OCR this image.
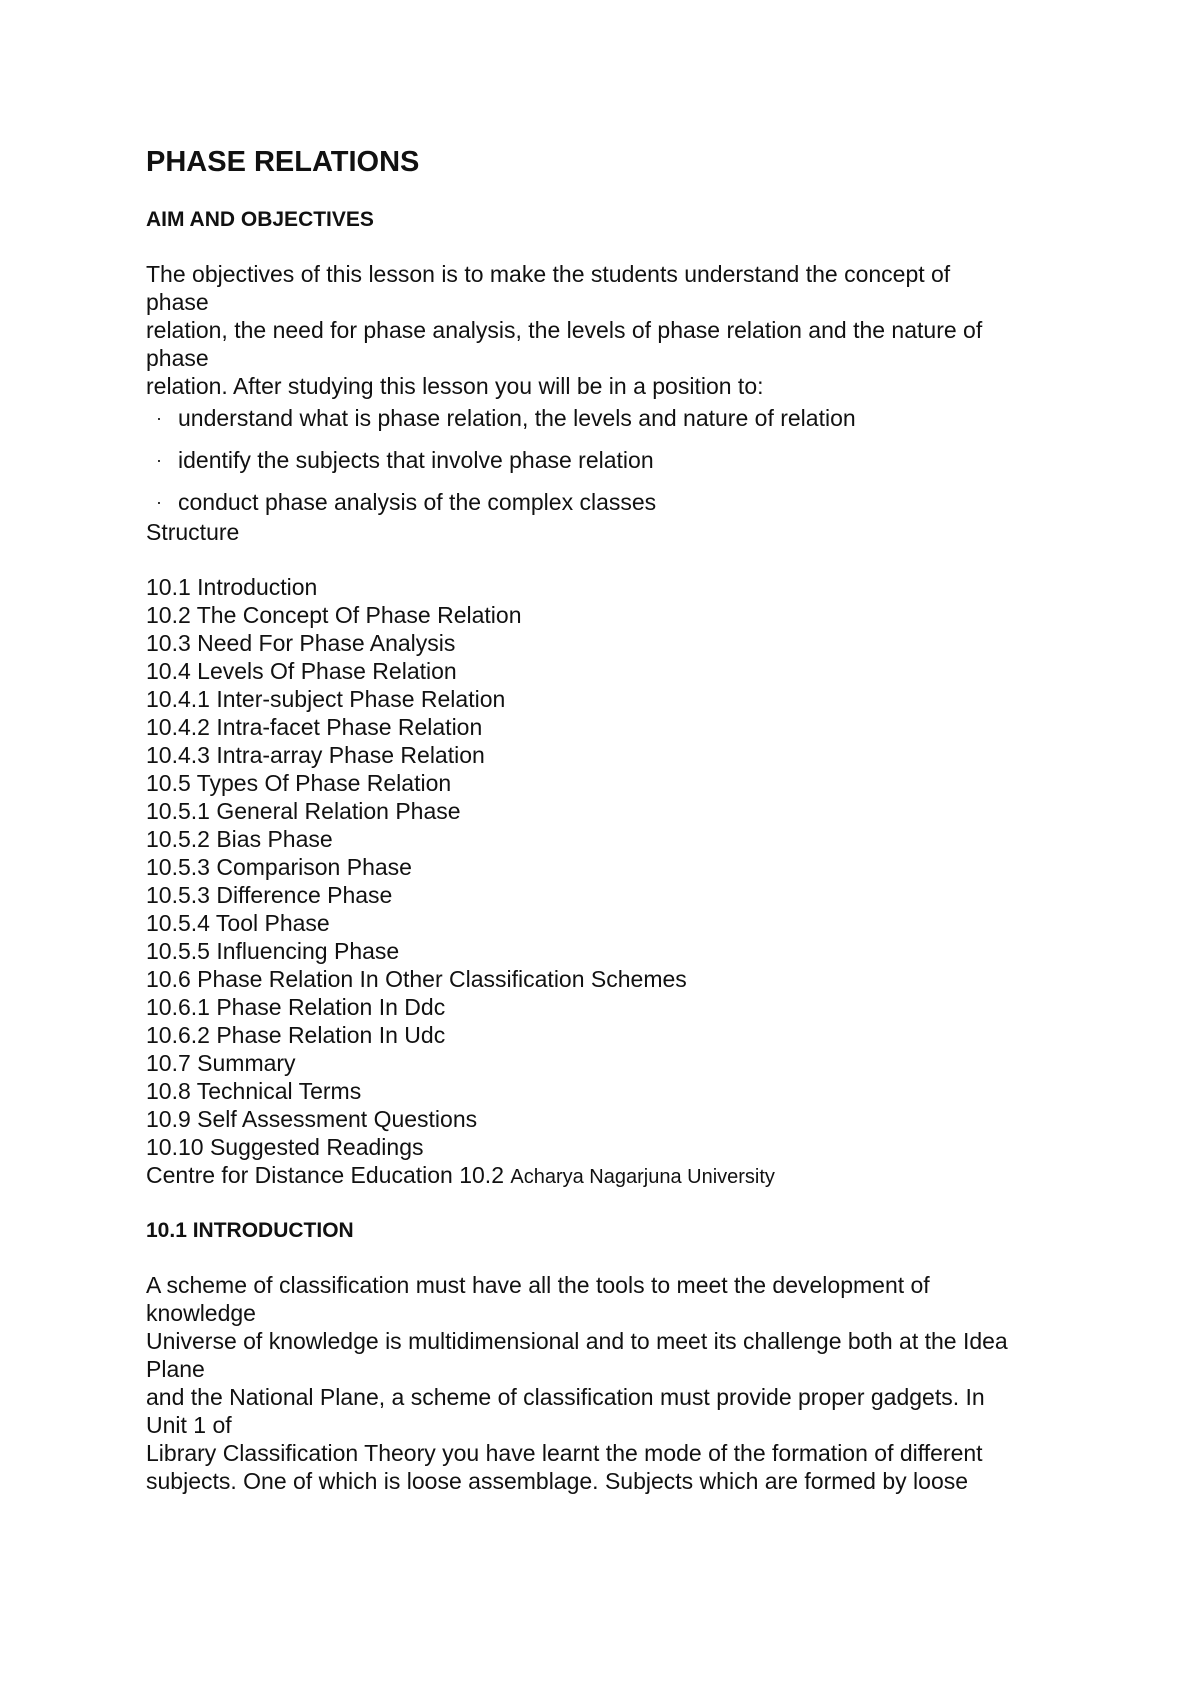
PHASE RELATIONS
AIM AND OBJECTIVES

The objectives of this lesson is to make the students understand the concept of
phase
relation, the need for phase analysis, the levels of phase relation and the nature of
phase
relation. After studying this lesson you will be in a position to:

· understand what is phase relation, the levels and nature of relation
· identify the subjects that involve phase relation
· conduct phase analysis of the complex classes
Structure
10.1 Introduction
10.2 The Concept Of Phase Relation
10.3 Need For Phase Analysis
10.4 Levels Of Phase Relation
10.4.1 Inter-subject Phase Relation
10.4.2 Intra-facet Phase Relation
10.4.3 Intra-array Phase Relation
10.5 Types Of Phase Relation
10.5.1 General Relation Phase
10.5.2 Bias Phase
10.5.3 Comparison Phase
10.5.3 Difference Phase
10.5.4 Tool Phase
10.5.5 Influencing Phase
10.6 Phase Relation In Other Classification Schemes
10.6.1 Phase Relation In Ddc
10.6.2 Phase Relation In Udc
10.7 Summary
10.8 Technical Terms
10.9 Self Assessment Questions
10.10 Suggested Readings
Centre for Distance Education 10.2 Acharya Nagarjuna University
10.1 INTRODUCTION

A scheme of classification must have all the tools to meet the development of
knowledge
Universe of knowledge is multidimensional and to meet its challenge both at the Idea
Plane
and the National Plane, a scheme of classification must provide proper gadgets. In
Unit 1 of
Library Classification Theory you have learnt the mode of the formation of different
subjects. One of which is loose assemblage. Subjects which are formed by loose
